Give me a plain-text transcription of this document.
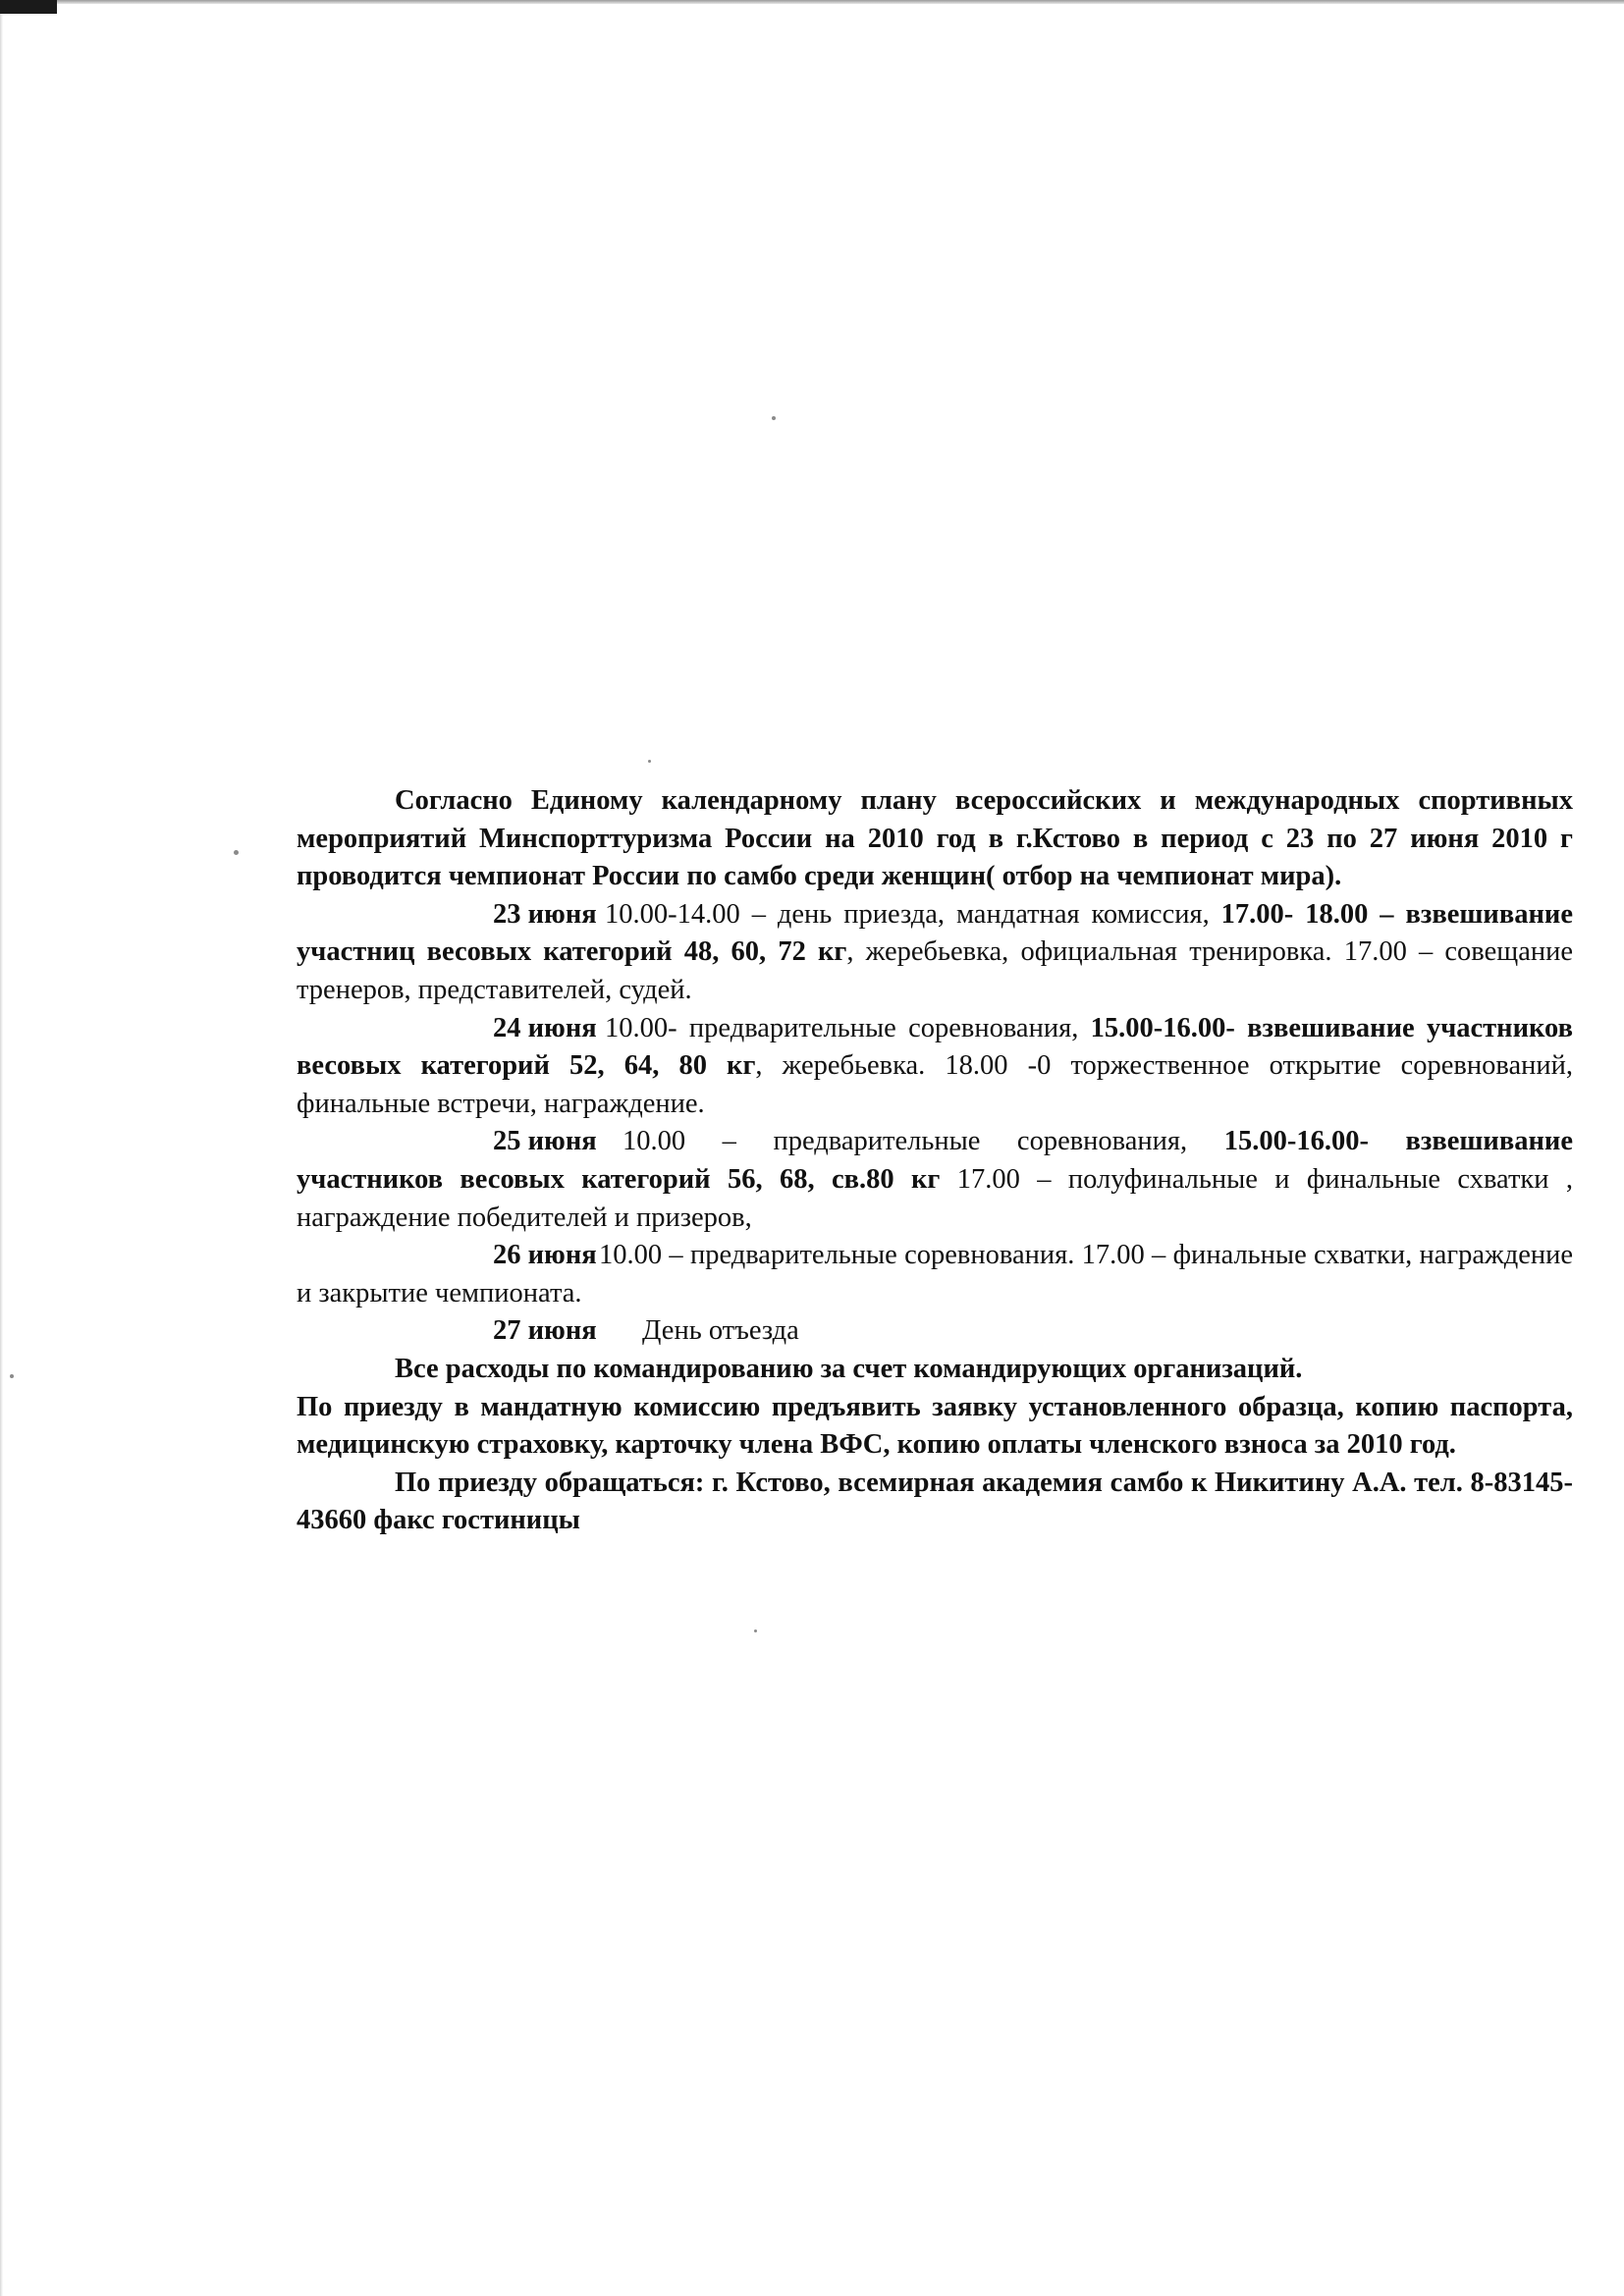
Согласно Единому календарному плану всероссийских и международных спортивных мероприятий Минспорттуризма России на 2010 год в г.Кстово в период с 23 по 27 июня 2010 г проводится чемпионат России по самбо среди женщин( отбор на чемпионат мира).

23 июня 10.00-14.00 – день приезда, мандатная комиссия, 17.00- 18.00 – взвешивание участниц весовых категорий 48, 60, 72 кг, жеребьевка, официальная тренировка. 17.00 – совещание тренеров, представителей, судей.

24 июня 10.00- предварительные соревнования, 15.00-16.00- взвешивание участников весовых категорий 52, 64, 80 кг, жеребьевка. 18.00 -0 торжественное открытие соревнований, финальные встречи, награждение.

25 июня 10.00 – предварительные соревнования, 15.00-16.00- взвешивание участников весовых категорий 56, 68, св.80 кг 17.00 – полуфинальные и финальные схватки , награждение победителей и призеров,

26 июня10.00 – предварительные соревнования. 17.00 – финальные схватки, награждение и закрытие чемпионата.

27 июня День отъезда

Все расходы по командированию за счет командирующих организаций.

По приезду в мандатную комиссию предъявить заявку установленного образца, копию паспорта, медицинскую страховку, карточку члена ВФС, копию оплаты членского взноса за 2010 год.

По приезду обращаться: г. Кстово, всемирная академия самбо к Никитину А.А. тел. 8-83145- 43660 факс гостиницы
